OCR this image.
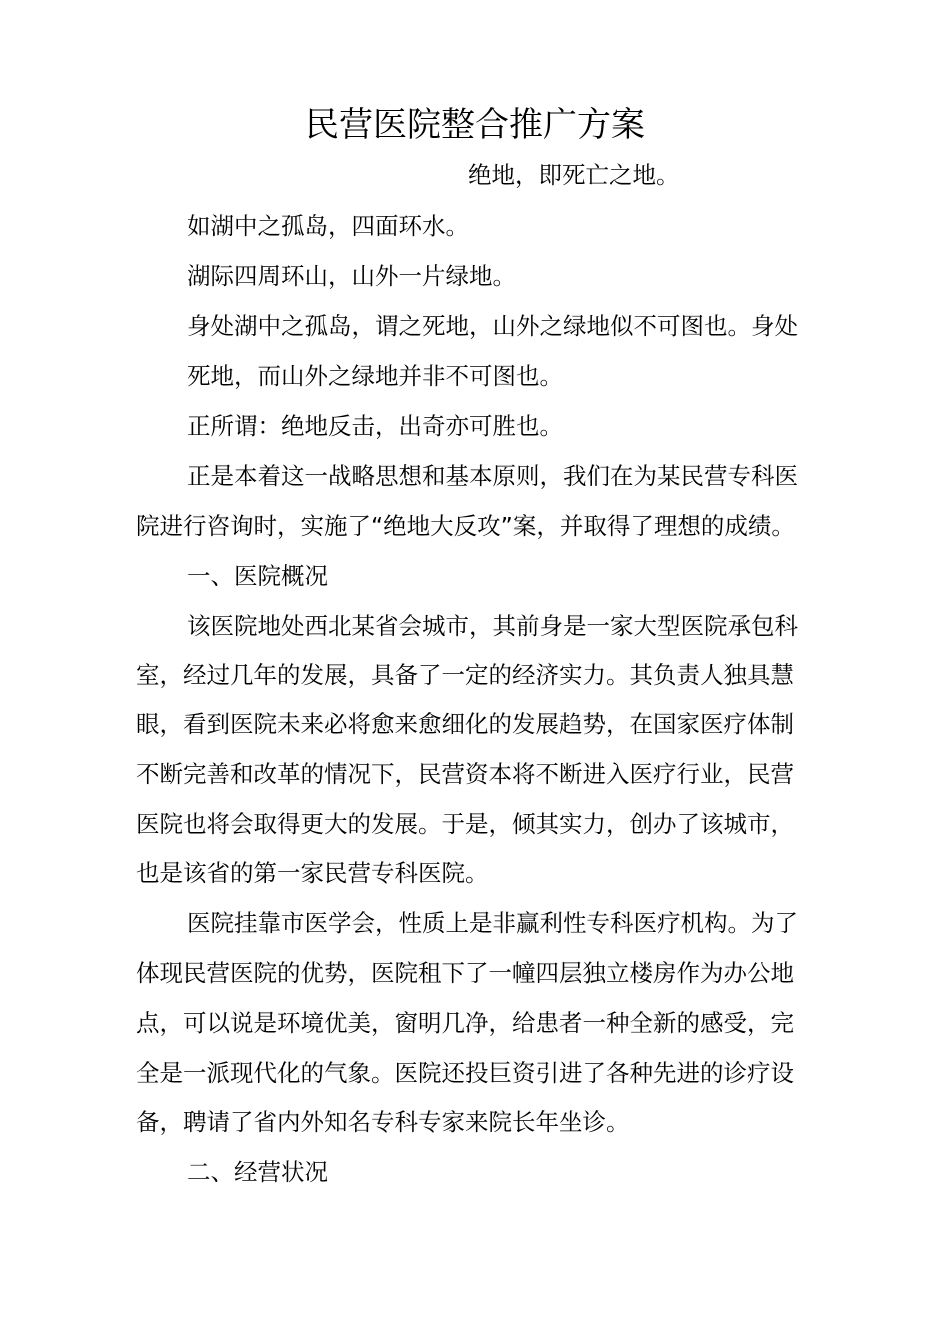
民营医院整合推广方案
绝地，即死亡之地。
如湖中之孤岛，四面环水。
湖际四周环山，山外一片绿地。
身处湖中之孤岛，谓之死地，山外之绿地似不可图也。身处
死地，而山外之绿地并非不可图也。
正所谓：绝地反击，出奇亦可胜也。
正是本着这一战略思想和基本原则，我们在为某民营专科医
院进行咨询时，实施了“绝地大反攻”案，并取得了理想的成绩。
一、医院概况
该医院地处西北某省会城市，其前身是一家大型医院承包科
室，经过几年的发展，具备了一定的经济实力。其负责人独具慧
眼，看到医院未来必将愈来愈细化的发展趋势，在国家医疗体制
不断完善和改革的情况下，民营资本将不断进入医疗行业，民营
医院也将会取得更大的发展。于是，倾其实力，创办了该城市，
也是该省的第一家民营专科医院。
医院挂靠市医学会，性质上是非赢利性专科医疗机构。为了
体现民营医院的优势，医院租下了一幢四层独立楼房作为办公地
点，可以说是环境优美，窗明几净，给患者一种全新的感受，完
全是一派现代化的气象。医院还投巨资引进了各种先进的诊疗设
备，聘请了省内外知名专科专家来院长年坐诊。
二、经营状况
